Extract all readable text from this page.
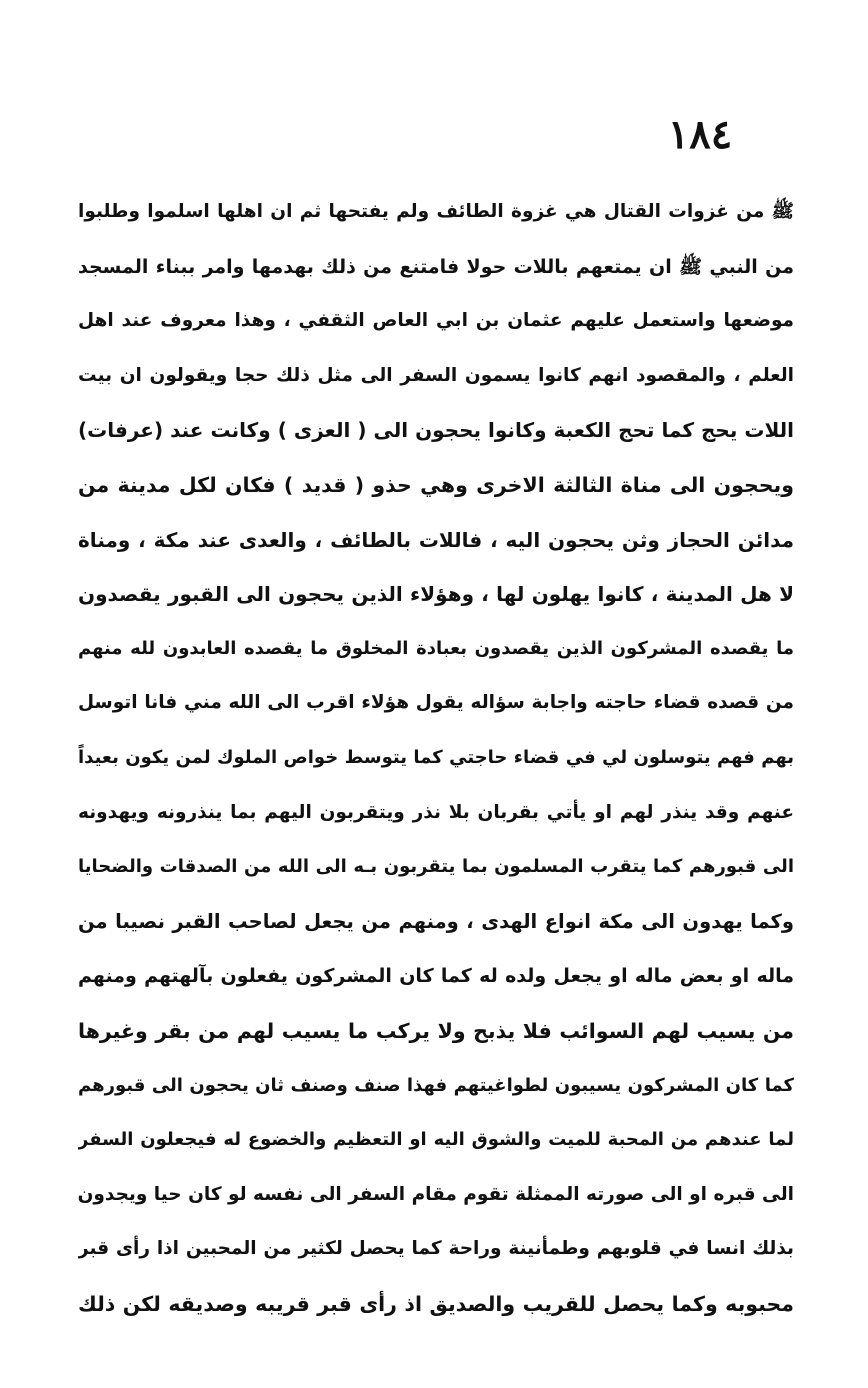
١٨٤
ﷺ من غزوات القتال هي غزوة الطائف ولم يفتحها ثم ان اهلها اسلموا وطلبوا
من النبي ﷺ ان يمتعهم باللات حولا فامتنع من ذلك بهدمها وامر ببناء المسجد
موضعها واستعمل عليهم عثمان بن ابي العاص الثقفي ، وهذا معروف عند اهل
العلم ، والمقصود انهم كانوا يسمون السفر الى مثل ذلك حجا ويقولون ان بيت
اللات يحج كما تحج الكعبة وكانوا يحجون الى ( العزى ) وكانت عند (عرفات)
ويحجون الى مناة الثالثة الاخرى وهي حذو ( قديد ) فكان لكل مدينة من
مدائن الحجاز وثن يحجون اليه ، فاللات بالطائف ، والعدى عند مكة ، ومناة
لا هل المدينة ، كانوا يهلون لها ، وهؤلاء الذين يحجون الى القبور يقصدون
ما يقصده المشركون الذين يقصدون بعبادة المخلوق ما يقصده العابدون لله منهم
من قصده قضاء حاجته واجابة سؤاله يقول هؤلاء اقرب الى الله مني فانا اتوسل
بهم فهم يتوسلون لي في قضاء حاجتي كما يتوسط خواص الملوك لمن يكون بعيداً
عنهم وقد ينذر لهم او يأتي بقربان بلا نذر ويتقربون اليهم بما ينذرونه ويهدونه
الى قبورهم كما يتقرب المسلمون بما يتقربون بـه الى الله من الصدقات والضحايا
وكما يهدون الى مكة انواع الهدى ، ومنهم من يجعل لصاحب القبر نصيبا من
ماله او بعض ماله او يجعل ولده له كما كان المشركون يفعلون بآلهتهم ومنهم
من يسيب لهم السوائب فلا يذبح ولا يركب ما يسيب لهم من بقر وغيرها
كما كان المشركون يسيبون لطواغيتهم فهذا صنف وصنف ثان يحجون الى قبورهم
لما عندهم من المحبة للميت والشوق اليه او التعظيم والخضوع له فيجعلون السفر
الى قبره او الى صورته الممثلة تقوم مقام السفر الى نفسه لو كان حيا ويجدون
بذلك انسا في قلوبهم وطمأنينة وراحة كما يحصل لكثير من المحبين اذا رأى قبر
محبوبه وكما يحصل للقريب والصديق اذ رأى قبر قريبه وصديقه لكن ذلك
